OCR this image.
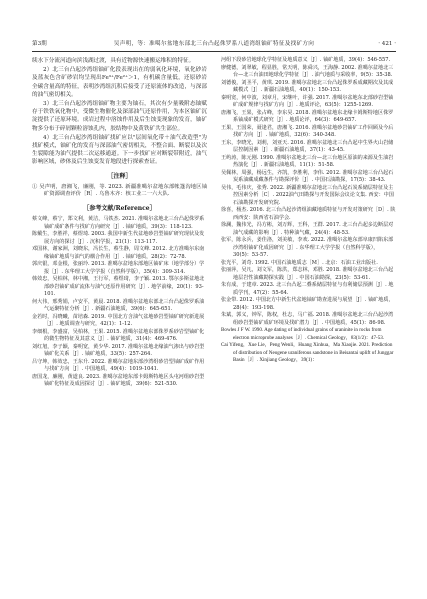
第3期	吴声明，等：准噶尔盆地东部北三台凸起侏罗系八道湾组铀矿特征及找矿方向	· 421 ·

续水下分流河道向滨浅湖过渡，具有近物源快速搬运堆积的特征。

2）北三台凸起沙湾组铀矿化段表现出在的弱氧化环境，氧化砂岩及蓝灰色含矿砂岩均呈现出Fe³⁺/Fe²⁺＞1，有机碳含量低，还原砂岩全碳含量高的特征，表明沙湾组沉积后接受了还原流体的改造，与深部的油气密切相关。

3）北三台凸起沙湾组铀矿物主要为铀石，其次有少量吸附态铀赋存于铁铁氧化物中，受微生物催化及深部油气还原作用，为本区铀矿沉淀提供了还原环境。成岩过程中溶蚀作用及后生蚀变现象的发育，铀矿物多分布于碎屑颗粒溶蚀孔内，胶结物中及黄铁矿共生部位。

4）北三台凸起沙湾组铀矿找矿应以"层间氧化带＋油气改造型"为找矿模式，铀矿化的发育与深部油气密切相关，不整合面、断裂以及次生裂隙能为油气提供二次运移通道。下一步找矿应对断裂带附近，油气影响区域，砂体及后生蚀变发育地段进行探索查证。

［注释］

① 吴声明，唐湘飞，廉刚，等. 2023. 新疆准噶尔盆地东部帐篷沟地区铀矿资源调查评价［R］. 乌鲁木齐：核工业二一六大队.

［参考文献/Reference］

蔡文峰，蔡宁，郑文利，黄洁，马铁杰. 2021. 准噶尔盆地北三台凸起侏罗系铀矿成矿条件与找矿方向研究［J］. 铀矿地质，39(3)：118-123.

陈戴生，李胜祥，蔡煜琦. 2003. 我国中新生代盆地砂岩型铀矿研究现状及发展方向的探讨［J］. 沉积学报，21(1)：113-117.

邓国林，谢家洲，刘晓东，冯长生，蔡生静，周文峰. 2012. 北方准噶尔东南缘铀矿地质与油气的耦合作用［J］. 铀矿地质，28(2)：72-78.

郭庆银，邓金根，张丽玲. 2013. 准噶尔盆地东部地区铀矿床（地学部分）学报［J］. 东华理工大学学报（自然科学版），35(4)：309-314.

韩效忠，吴柏林，林中湘，王行军，蔡煜琦，李子颖. 2013. 鄂尔多斯盆地北部砂岩铀矿成矿流体与油气还原作用研究［J］. 地学前缘，20(1)：93-101.

何大伟，邢秀娟，卢安平，黄晨. 2018. 准噶尔盆地东部北三台凸起侏罗系油气运聚特征分析［J］. 新疆石油地质，39(6)：645-651.

金若时，冯晓曦，苗培森. 2019. 中国北方含油气盆地砂岩型铀矿研究新进展［J］. 地质调查与研究，42(1)：1-12.

李细根，李盛富，吴柏林，王果. 2015. 准噶尔盆地东部侏罗系砂岩型铀矿化的微生物特征及其意义［J］. 铀矿地质，31(4)：469-476.

刘红旭，李子颖，秦明宽，黄少华. 2017. 准噶尔盆地北缘油气渗出与砂岩型铀矿化关系［J］. 铀矿地质，33(5)：257-264.

吕守坤，韩效忠，王东升. 2022. 准噶尔盆地东部沙湾组砂岩型铀矿成矿作用与找矿方向［J］. 中国地质，49(4)：1019-1041.

唐国龙，廉刚，黄道良. 2023. 准噶尔盆地东部卡姆斯特地区头屯河组砂岩型铀矿化特征及成因探讨［J］. 铀矿地质，39(6)：521-530.

河组下段砂岩地球化学特征及地质意义［J］. 铀矿地质，39(4)：546-557.

廖健德，刘翠敏，程显胜，常天明，陈舜兴，王海静. 2002. 准噶尔盆地北三台—北三台油田地球化学特征［J］. 油气地质与采收率，9(5)：35-38.

刘德俊，刘圣平，黄琪. 2019. 准噶尔盆地北三台凸起侏罗系成藏期次及其成藏模式［J］. 新疆石油地质，40(1)：150-153.

秦明宽，何中波，刘章月，宋继叶，许强. 2017. 准噶尔盆地东北部砂岩型铀矿成矿规律与找矿方向［J］. 地质评论，63(5)：1255-1269.

唐湘飞，王果，张占峰，李东昊. 2018. 准噶尔盆地东北缘卡姆斯特地区侏罗系铀成矿模式研究［J］. 地质论评，64(3)：649-657.

王果，王国荣，聂逢君，唐湘飞. 2016. 准噶尔盆地砂岩铀矿工作回顾及今后找矿方向［J］. 铀矿地质，32(6)：340-348.

王东，李晓光，刘莉，刘亚天. 2016. 准噶尔盆地北三台凸起中生界火山岩储层控制因素［J］. 新疆石油地质，37(1)：43-45.

王屿涛，陈元刚. 1990. 准噶尔盆地北三台—北三台地区原油的来源及生油岩热演化［J］. 新疆石油地质，11(1)：51-58.

吴佩林，周强，杨远生，齐凯，李胜利，李伟. 2012. 准噶尔盆地三台凸起石炭系油藏成藏条件与勘探评价［J］. 中国石油勘探，17(5)：38-43.

吴伟，毛伟庆，张秀. 2022. 新疆准噶尔盆地北三台凸起石炭系储层特征及主控因素分析［C］. 2022油气田勘探与开发国际会议论文集. 西安：中国石油勘探开发研究院.

徐喜，杨杰. 2016. 北三台凸起沙湾组油藏地质特征与开发对策研究［D］. 陕西西安：陕西省石油学会.

徐澜，魏伟光，冯方彬，刘万辉，王科，王群. 2017. 北三台凸起多边断层对油气成藏的影响［J］. 特种油气藏，24(4)：48-53.

张军，陈永兵，姜佳洛，刘美敏，李欢. 2022. 准噶尔盆地东部阜康凹陷东部沙湾组铀矿化成因研究［J］. 东华理工大学学报（自然科学版），30(5)：53-57.

张光平，刘奇. 1992. 中国石油地质志［M］. 北京：石油工业出版社.

张丽萍，吴凡，刘文军，陈洪，郑志林，邓胜. 2018. 准噶尔盆地北三台凸起地层岩性油藏勘探实践［J］. 中国石油勘探，23(5)：53-61.

朱有成，于建章. 2023. 北三台凸起二叠系储层特征与有利储层预测［J］. 地质学刊，47(2)：55-64.

张金带. 2012. 中国北方中新生代盆地铀矿勘查进展与展望［J］. 铀矿地质，28(4)：193-198.

朱斌，郭义，钟军，陈权，杜志，马广福. 2018. 准噶尔盆地北三台凸起沙湾组砂岩型铀矿成矿环境及找矿潜力［J］. 中国地质，45(1)：86-98.

Bowles J F W. 1990. Age dating of individual grains of uraninite in rocks from electron microprobe analyses［J］. Chemical Geology，83(1/2)：47-53.

Cai Yifeng，Xue Lie，Peng Wenli，Huang Xinhua，Ma Xiaojie. 2021. Prediction of distribution of Neogene uraniferous sandstone in Beisantai uplift of Junggar Basin［J］. Xinjiang Geology，39(1)：
